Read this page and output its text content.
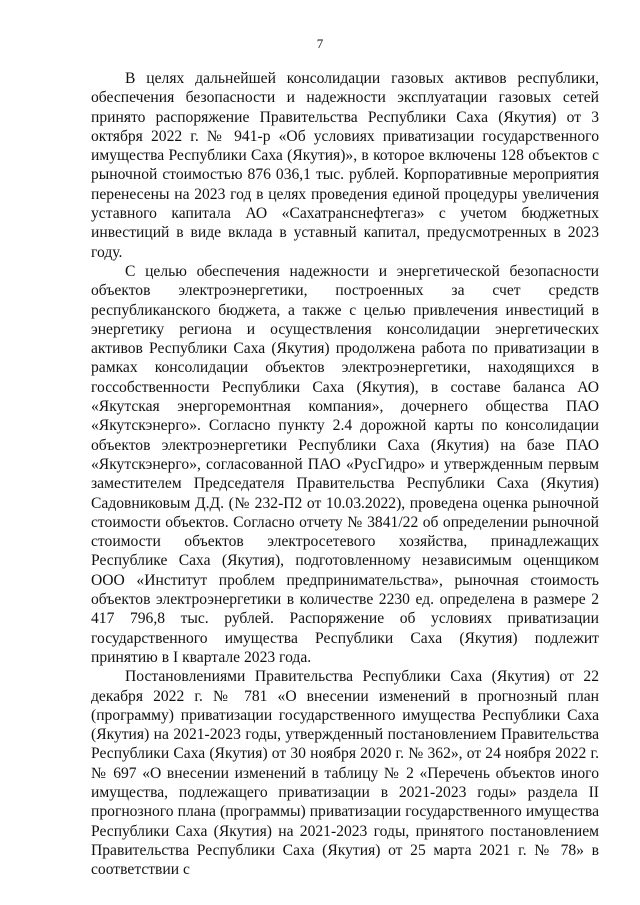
7

В целях дальнейшей консолидации газовых активов республики, обеспечения безопасности и надежности эксплуатации газовых сетей принято распоряжение Правительства Республики Саха (Якутия) от 3 октября 2022 г. № 941-р «Об условиях приватизации государственного имущества Республики Саха (Якутия)», в которое включены 128 объектов с рыночной стоимостью 876 036,1 тыс. рублей. Корпоративные мероприятия перенесены на 2023 год в целях проведения единой процедуры увеличения уставного капитала АО «Сахатранснефтегаз» с учетом бюджетных инвестиций в виде вклада в уставный капитал, предусмотренных в 2023 году.

С целью обеспечения надежности и энергетической безопасности объектов электроэнергетики, построенных за счет средств республиканского бюджета, а также с целью привлечения инвестиций в энергетику региона и осуществления консолидации энергетических активов Республики Саха (Якутия) продолжена работа по приватизации в рамках консолидации объектов электроэнергетики, находящихся в госсобственности Республики Саха (Якутия), в составе баланса АО «Якутская энергоремонтная компания», дочернего общества ПАО «Якутскэнерго». Согласно пункту 2.4 дорожной карты по консолидации объектов электроэнергетики Республики Саха (Якутия) на базе ПАО «Якутскэнерго», согласованной ПАО «РусГидро» и утвержденным первым заместителем Председателя Правительства Республики Саха (Якутия) Садовниковым Д.Д. (№ 232-П2 от 10.03.2022), проведена оценка рыночной стоимости объектов. Согласно отчету № 3841/22 об определении рыночной стоимости объектов электросетевого хозяйства, принадлежащих Республике Саха (Якутия), подготовленному независимым оценщиком ООО «Институт проблем предпринимательства», рыночная стоимость объектов электроэнергетики в количестве 2230 ед. определена в размере 2 417 796,8 тыс. рублей. Распоряжение об условиях приватизации государственного имущества Республики Саха (Якутия) подлежит принятию в I квартале 2023 года.

Постановлениями Правительства Республики Саха (Якутия) от 22 декабря 2022 г. № 781 «О внесении изменений в прогнозный план (программу) приватизации государственного имущества Республики Саха (Якутия) на 2021-2023 годы, утвержденный постановлением Правительства Республики Саха (Якутия) от 30 ноября 2020 г. № 362», от 24 ноября 2022 г. № 697 «О внесении изменений в таблицу № 2 «Перечень объектов иного имущества, подлежащего приватизации в 2021-2023 годы» раздела II прогнозного плана (программы) приватизации государственного имущества Республики Саха (Якутия) на 2021-2023 годы, принятого постановлением Правительства Республики Саха (Якутия) от 25 марта 2021 г. № 78» в соответствии с
